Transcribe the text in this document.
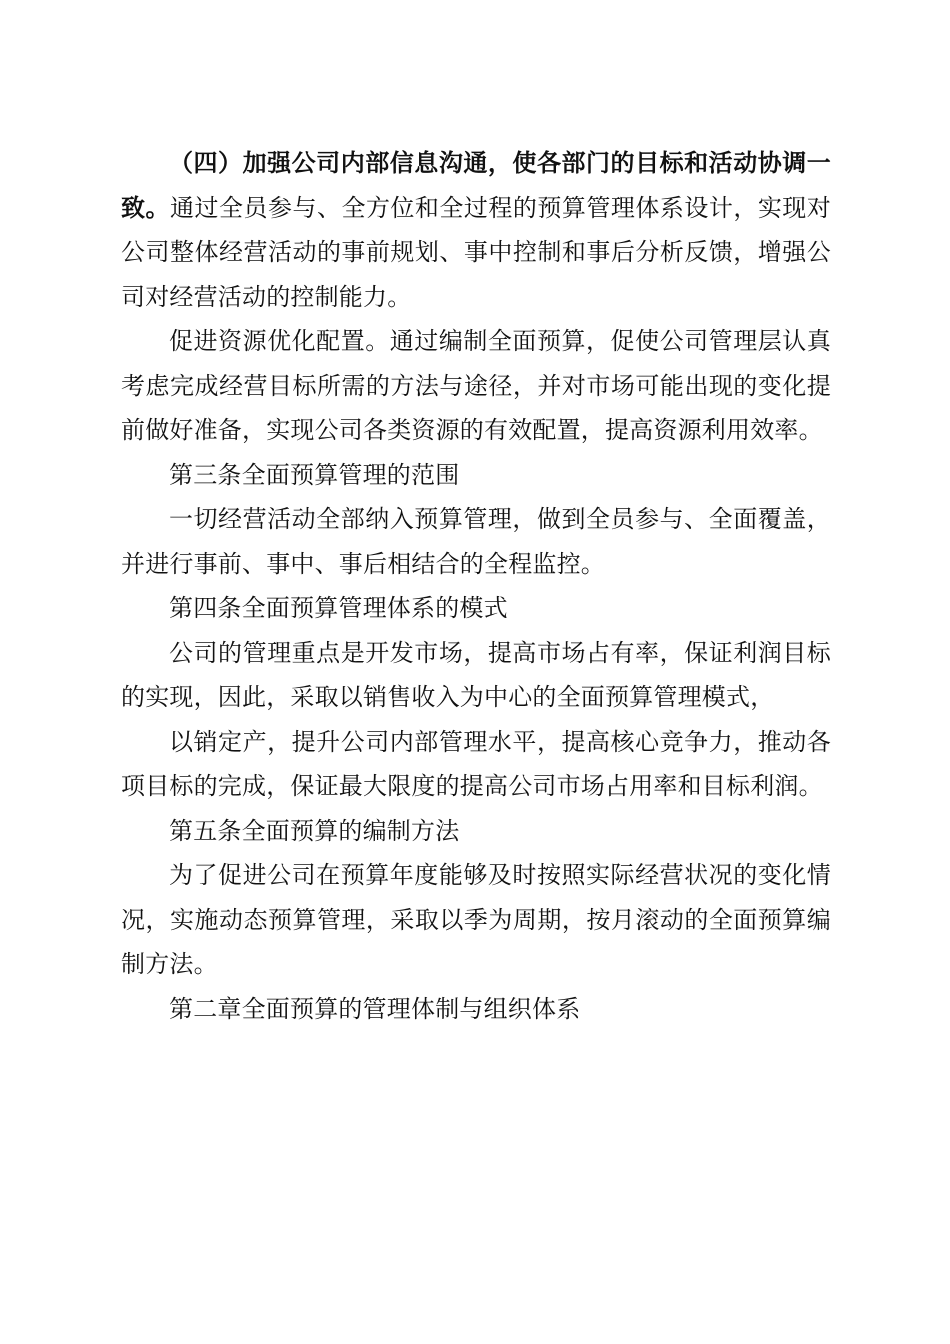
（四）加强公司内部信息沟通，使各部门的目标和活动协调一致。通过全员参与、全方位和全过程的预算管理体系设计，实现对公司整体经营活动的事前规划、事中控制和事后分析反馈，增强公司对经营活动的控制能力。

促进资源优化配置。通过编制全面预算，促使公司管理层认真考虑完成经营目标所需的方法与途径，并对市场可能出现的变化提前做好准备，实现公司各类资源的有效配置，提高资源利用效率。

第三条全面预算管理的范围

一切经营活动全部纳入预算管理，做到全员参与、全面覆盖，并进行事前、事中、事后相结合的全程监控。

第四条全面预算管理体系的模式

公司的管理重点是开发市场，提高市场占有率，保证利润目标的实现，因此，采取以销售收入为中心的全面预算管理模式，

以销定产，提升公司内部管理水平，提高核心竞争力，推动各项目标的完成，保证最大限度的提高公司市场占用率和目标利润。

第五条全面预算的编制方法

为了促进公司在预算年度能够及时按照实际经营状况的变化情况，实施动态预算管理，采取以季为周期，按月滚动的全面预算编制方法。

第二章全面预算的管理体制与组织体系
